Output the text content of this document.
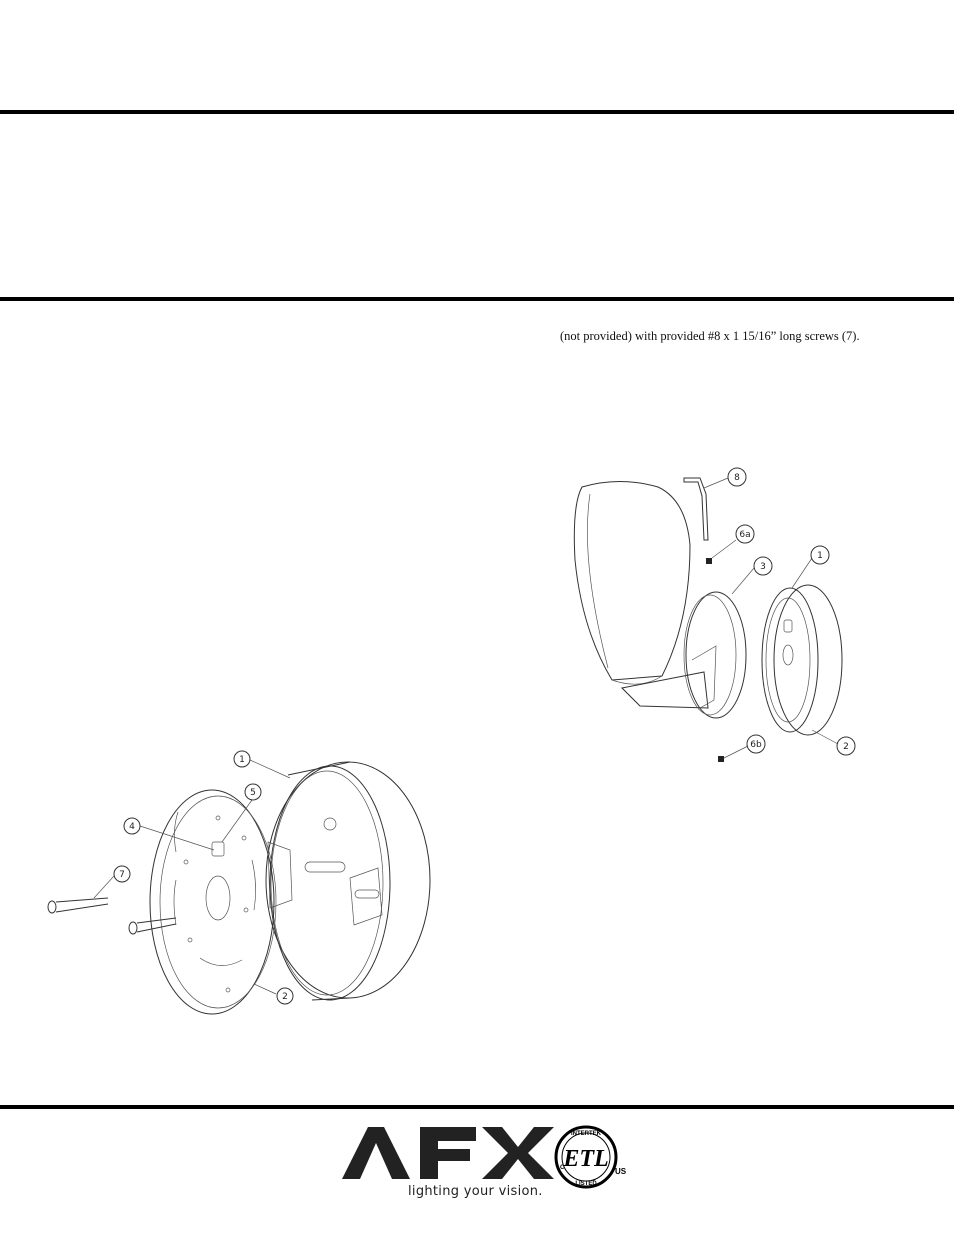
(not provided) with provided #8 x 1 15/16” long screws (7).
1
2
4
5
7
8
6a
3
1
2
6b
lighting your vision.
INTERTEK
ETL
LISTED
C	US
